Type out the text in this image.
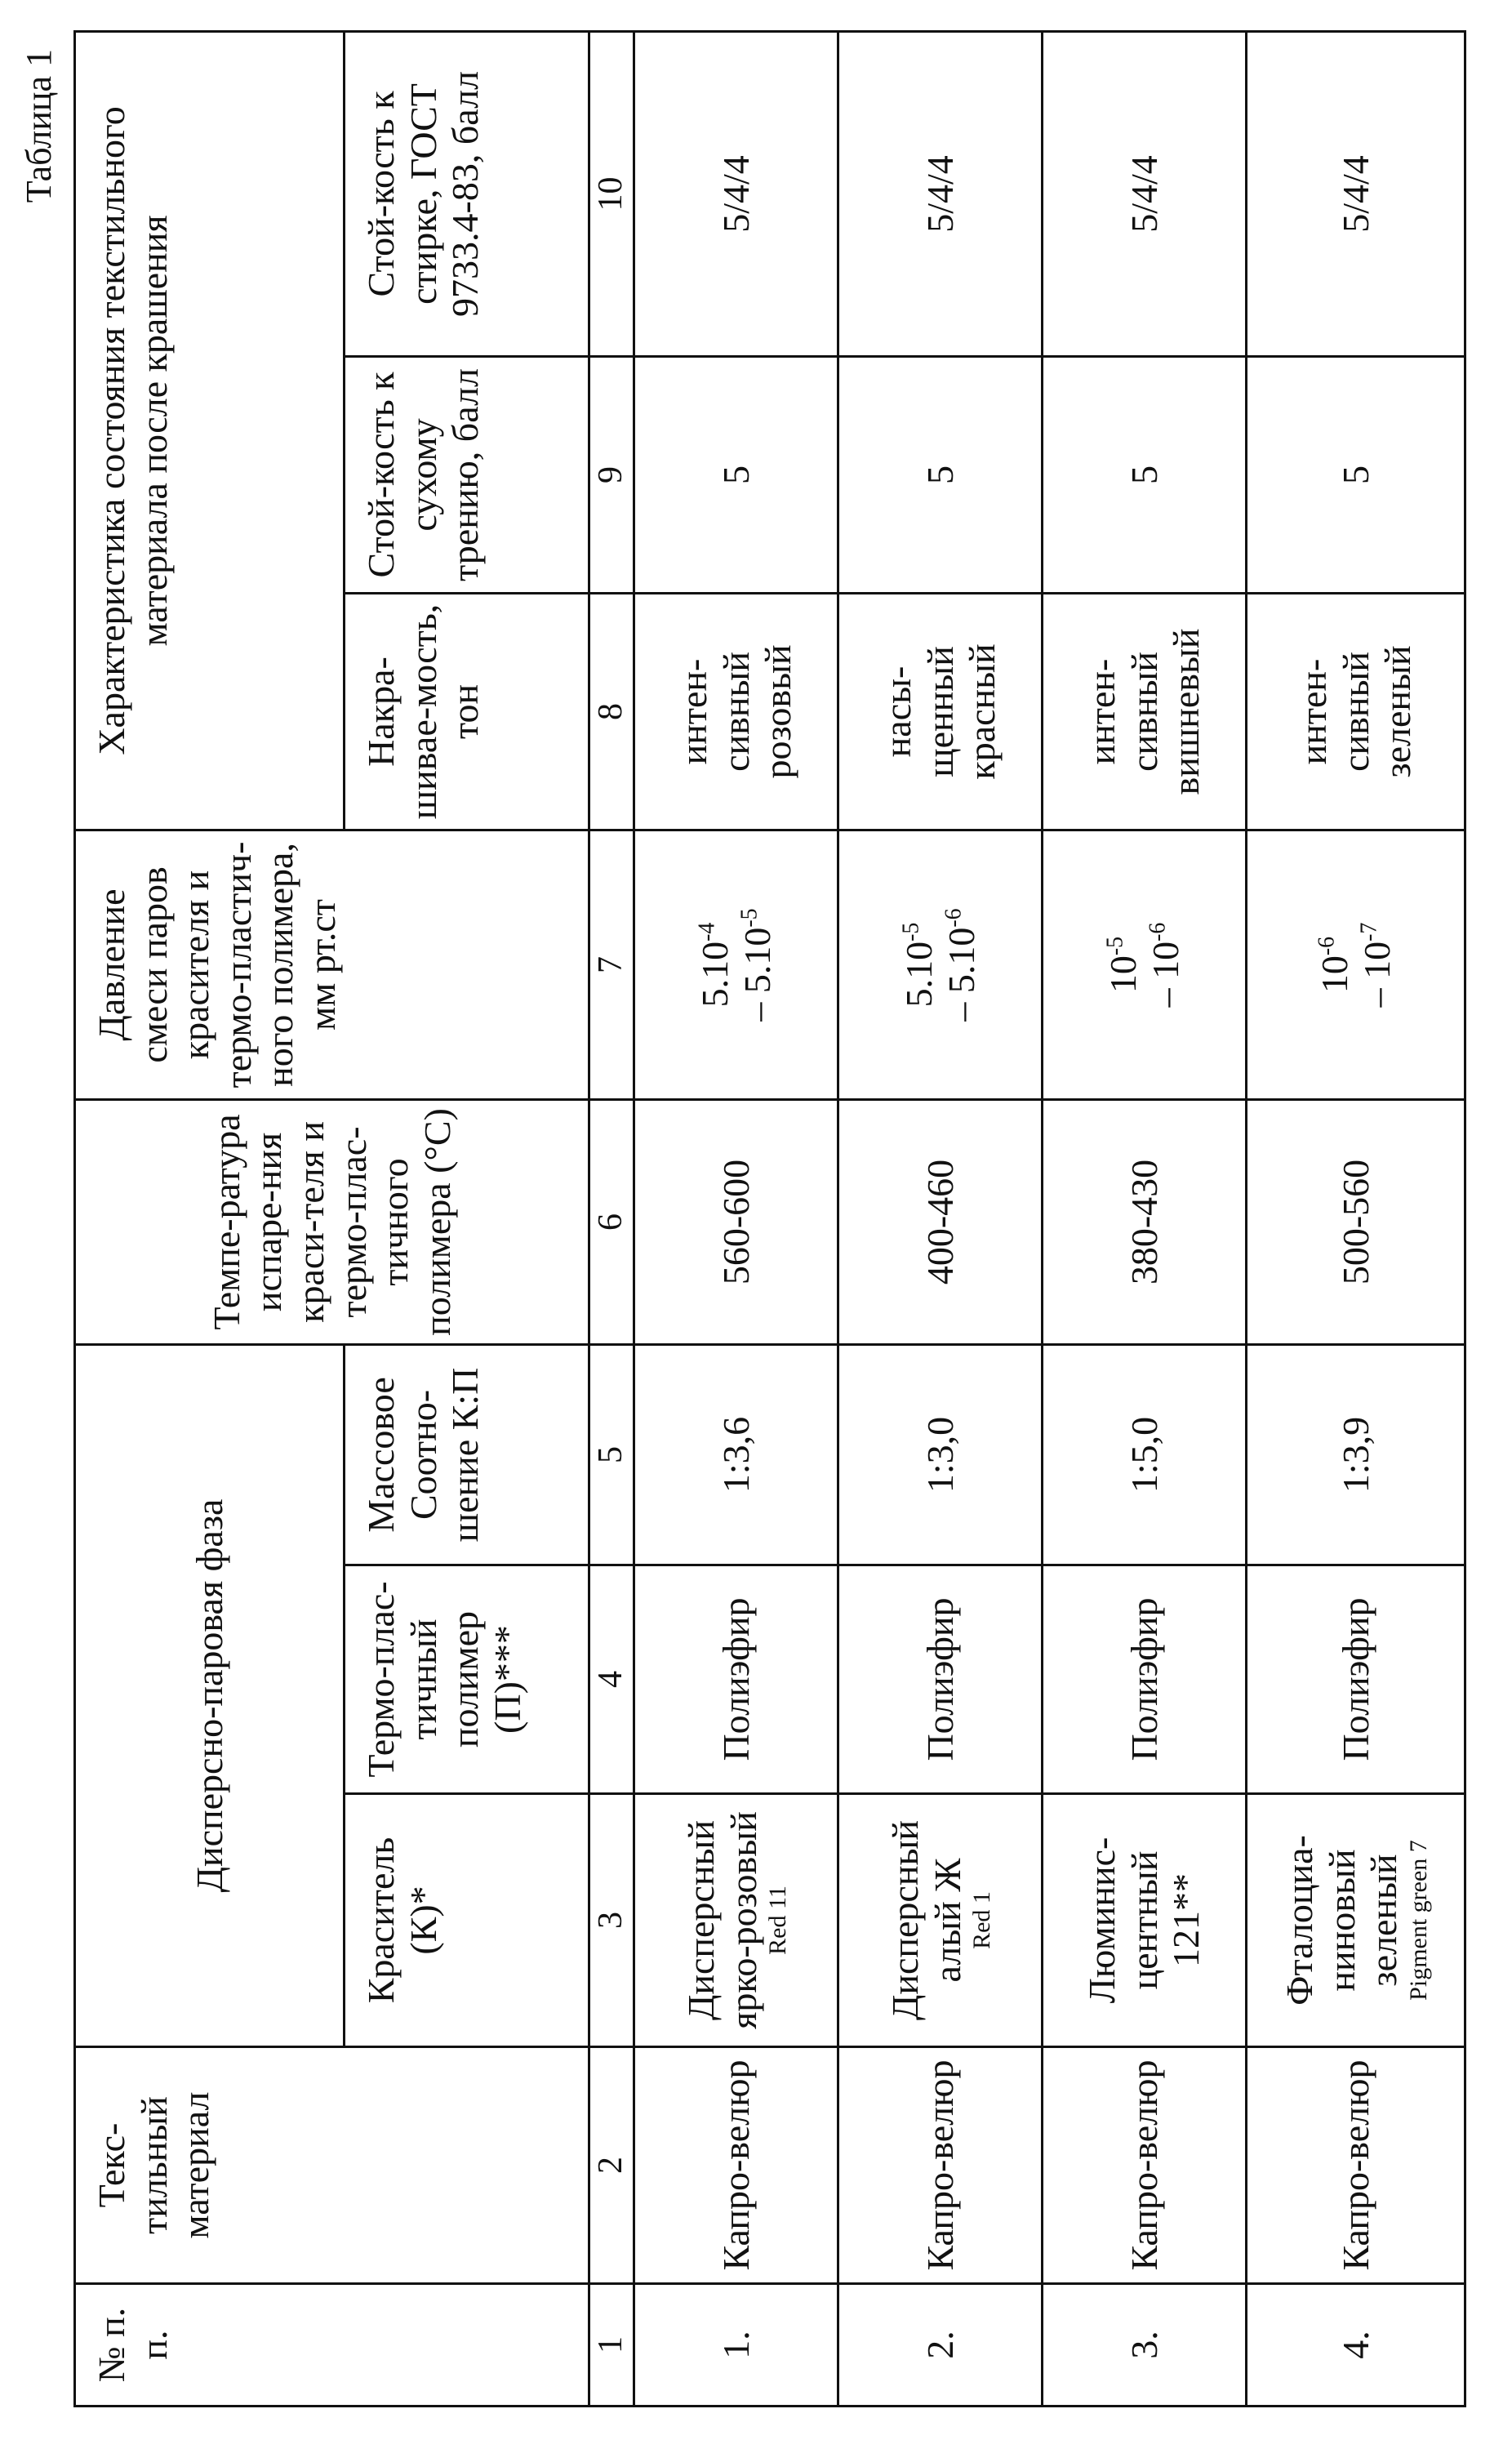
Таблица 1
№ п. п.	Текс-тильный материал	Дисперсно-паровая фаза	Темпе-ратура испаре-ния краси-теля и термо-плас-тичного полимера (°С)	Давление смеси паров красителя и термо-пластич-ного полимера, мм рт.ст	Характеристика состояния текстильного материала после крашения
Краситель (К)*	Термо-плас-тичный полимер (П)***	Массовое Соотно-шение К:П	Накра-шивае-мость, тон	Стой-кость к сухому трению, балл	Стой-кость к стирке, ГОСТ 9733.4-83, балл
1	2	3	4	5	6	7	8	9	10
1.	Капро-велюр	
Дисперсный ярко-розовый Red 11
	Полиэфир	1:3,6	560-600	
5.10-4 – 5.10-5
	интен-сивный розовый	5	5/4/4
2.	Капро-велюр	
Дисперсный алый Ж Red 1
	Полиэфир	1:3,0	400-460	
5.10-5 – 5.10-6
	насы-щенный красный	5	5/4/4
3.	Капро-велюр	
Люминис-центный 121**
	Полиэфир	1:5,0	380-430	
10-5 – 10-6
	интен-сивный вишневый	5	5/4/4
4.	Капро-велюр	
Фталоциа-ниновый зеленый Pigment green 7
	Полиэфир	1:3,9	500-560	
10-6 – 10-7
	интен-сивный зеленый	5	5/4/4
